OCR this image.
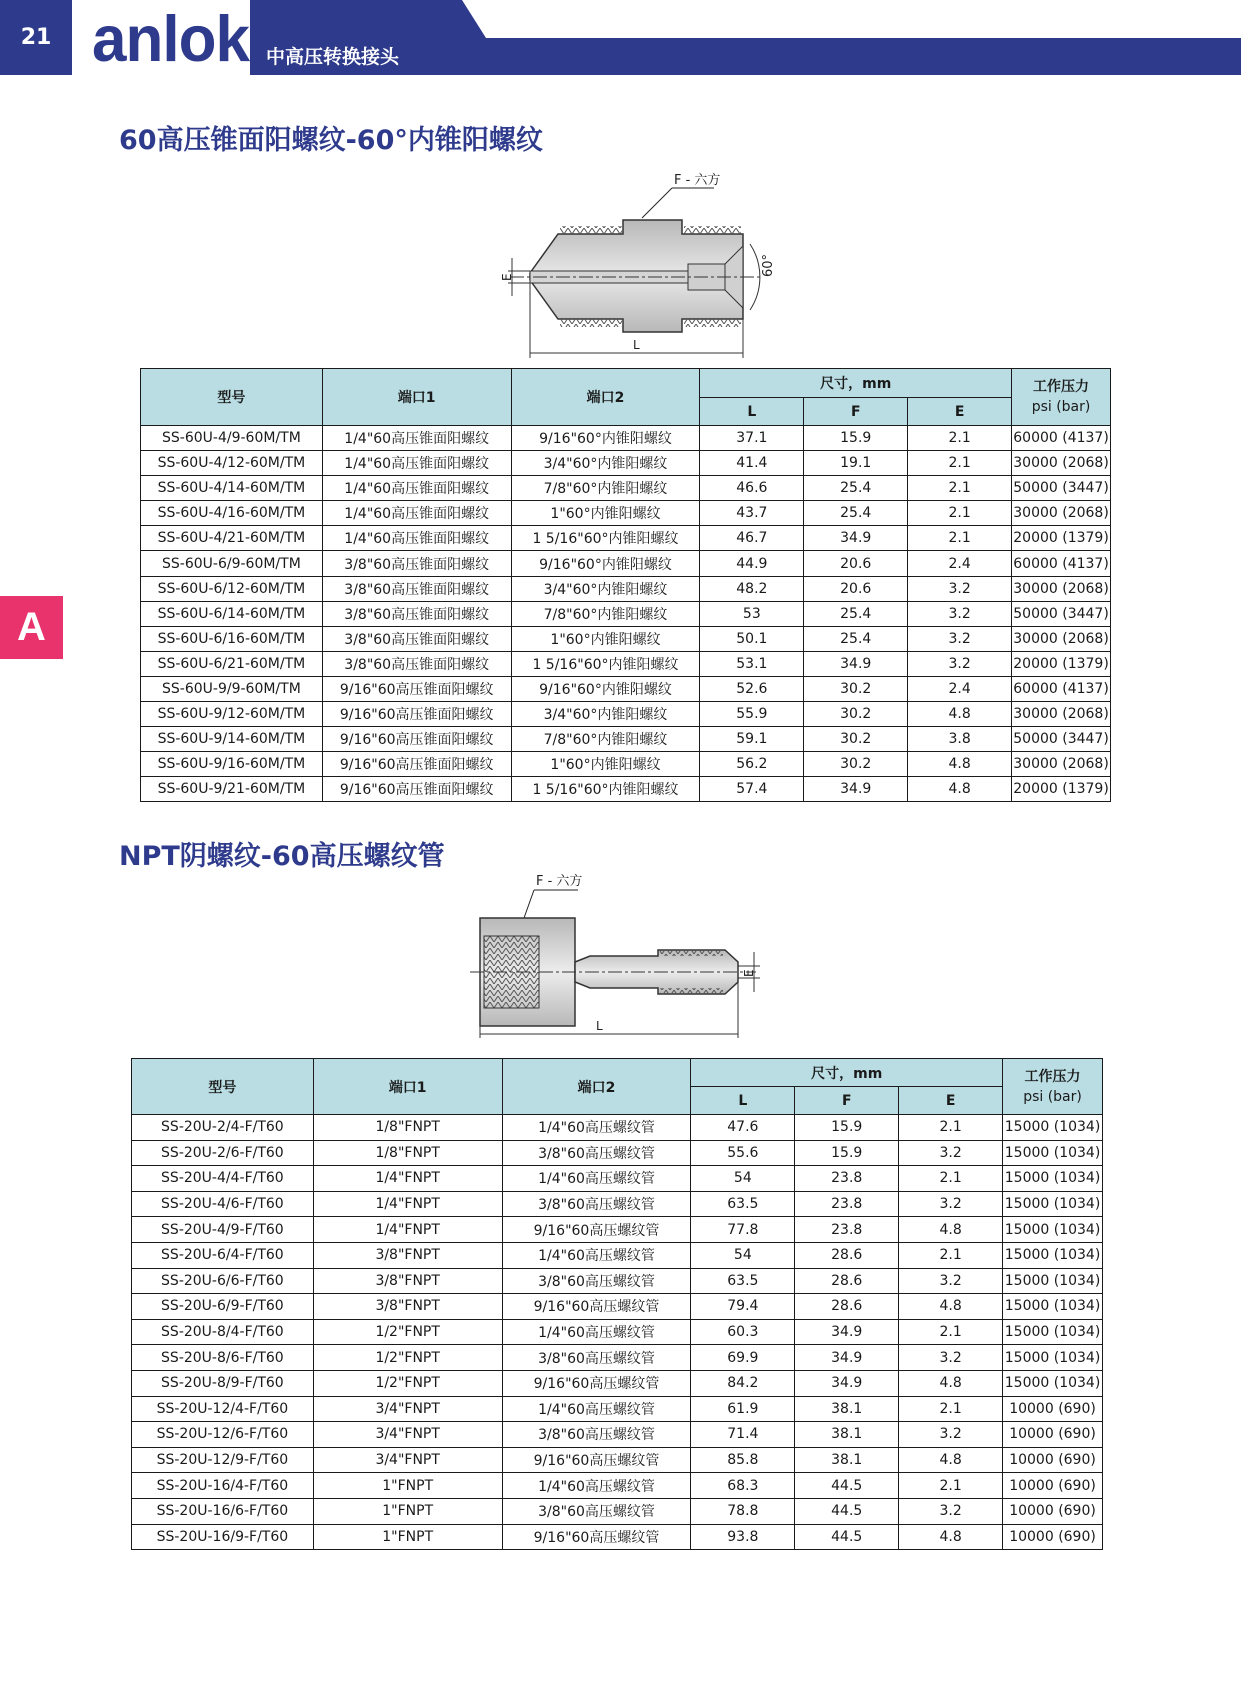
21 anlok 中高压转换接头
A
60高压锥面阳螺纹-60°内锥阳螺纹
F - 六方
E
60°
L
型号	端口1	端口2	尺寸，mm			工作压力
psi (bar)

			L	F	E	
SS-60U-4/9-60M/TM	1/4"60高压锥面阳螺纹	9/16"60°内锥阳螺纹	37.1	15.9	2.1	60000 (4137)
SS-60U-4/12-60M/TM	1/4"60高压锥面阳螺纹	3/4"60°内锥阳螺纹	41.4	19.1	2.1	30000 (2068)
SS-60U-4/14-60M/TM	1/4"60高压锥面阳螺纹	7/8"60°内锥阳螺纹	46.6	25.4	2.1	50000 (3447)
SS-60U-4/16-60M/TM	1/4"60高压锥面阳螺纹	1"60°内锥阳螺纹	43.7	25.4	2.1	30000 (2068)
SS-60U-4/21-60M/TM	1/4"60高压锥面阳螺纹	1 5/16"60°内锥阳螺纹	46.7	34.9	2.1	20000 (1379)
SS-60U-6/9-60M/TM	3/8"60高压锥面阳螺纹	9/16"60°内锥阳螺纹	44.9	20.6	2.4	60000 (4137)
SS-60U-6/12-60M/TM	3/8"60高压锥面阳螺纹	3/4"60°内锥阳螺纹	48.2	20.6	3.2	30000 (2068)
SS-60U-6/14-60M/TM	3/8"60高压锥面阳螺纹	7/8"60°内锥阳螺纹	53	25.4	3.2	50000 (3447)
SS-60U-6/16-60M/TM	3/8"60高压锥面阳螺纹	1"60°内锥阳螺纹	50.1	25.4	3.2	30000 (2068)
SS-60U-6/21-60M/TM	3/8"60高压锥面阳螺纹	1 5/16"60°内锥阳螺纹	53.1	34.9	3.2	20000 (1379)
SS-60U-9/9-60M/TM	9/16"60高压锥面阳螺纹	9/16"60°内锥阳螺纹	52.6	30.2	2.4	60000 (4137)
SS-60U-9/12-60M/TM	9/16"60高压锥面阳螺纹	3/4"60°内锥阳螺纹	55.9	30.2	4.8	30000 (2068)
SS-60U-9/14-60M/TM	9/16"60高压锥面阳螺纹	7/8"60°内锥阳螺纹	59.1	30.2	3.8	50000 (3447)
SS-60U-9/16-60M/TM	9/16"60高压锥面阳螺纹	1"60°内锥阳螺纹	56.2	30.2	4.8	30000 (2068)
SS-60U-9/21-60M/TM	9/16"60高压锥面阳螺纹	1 5/16"60°内锥阳螺纹	57.4	34.9	4.8	20000 (1379)
NPT阴螺纹-60高压螺纹管
F - 六方
E
L
型号	端口1	端口2	尺寸，mm			工作压力
psi (bar)

			L	F	E	
SS-20U-2/4-F/T60	1/8"FNPT	1/4"60高压螺纹管	47.6	15.9	2.1	15000 (1034)
SS-20U-2/6-F/T60	1/8"FNPT	3/8"60高压螺纹管	55.6	15.9	3.2	15000 (1034)
SS-20U-4/4-F/T60	1/4"FNPT	1/4"60高压螺纹管	54	23.8	2.1	15000 (1034)
SS-20U-4/6-F/T60	1/4"FNPT	3/8"60高压螺纹管	63.5	23.8	3.2	15000 (1034)
SS-20U-4/9-F/T60	1/4"FNPT	9/16"60高压螺纹管	77.8	23.8	4.8	15000 (1034)
SS-20U-6/4-F/T60	3/8"FNPT	1/4"60高压螺纹管	54	28.6	2.1	15000 (1034)
SS-20U-6/6-F/T60	3/8"FNPT	3/8"60高压螺纹管	63.5	28.6	3.2	15000 (1034)
SS-20U-6/9-F/T60	3/8"FNPT	9/16"60高压螺纹管	79.4	28.6	4.8	15000 (1034)
SS-20U-8/4-F/T60	1/2"FNPT	1/4"60高压螺纹管	60.3	34.9	2.1	15000 (1034)
SS-20U-8/6-F/T60	1/2"FNPT	3/8"60高压螺纹管	69.9	34.9	3.2	15000 (1034)
SS-20U-8/9-F/T60	1/2"FNPT	9/16"60高压螺纹管	84.2	34.9	4.8	15000 (1034)
SS-20U-12/4-F/T60	3/4"FNPT	1/4"60高压螺纹管	61.9	38.1	2.1	10000 (690)
SS-20U-12/6-F/T60	3/4"FNPT	3/8"60高压螺纹管	71.4	38.1	3.2	10000 (690)
SS-20U-12/9-F/T60	3/4"FNPT	9/16"60高压螺纹管	85.8	38.1	4.8	10000 (690)
SS-20U-16/4-F/T60	1"FNPT	1/4"60高压螺纹管	68.3	44.5	2.1	10000 (690)
SS-20U-16/6-F/T60	1"FNPT	3/8"60高压螺纹管	78.8	44.5	3.2	10000 (690)
SS-20U-16/9-F/T60	1"FNPT	9/16"60高压螺纹管	93.8	44.5	4.8	10000 (690)
